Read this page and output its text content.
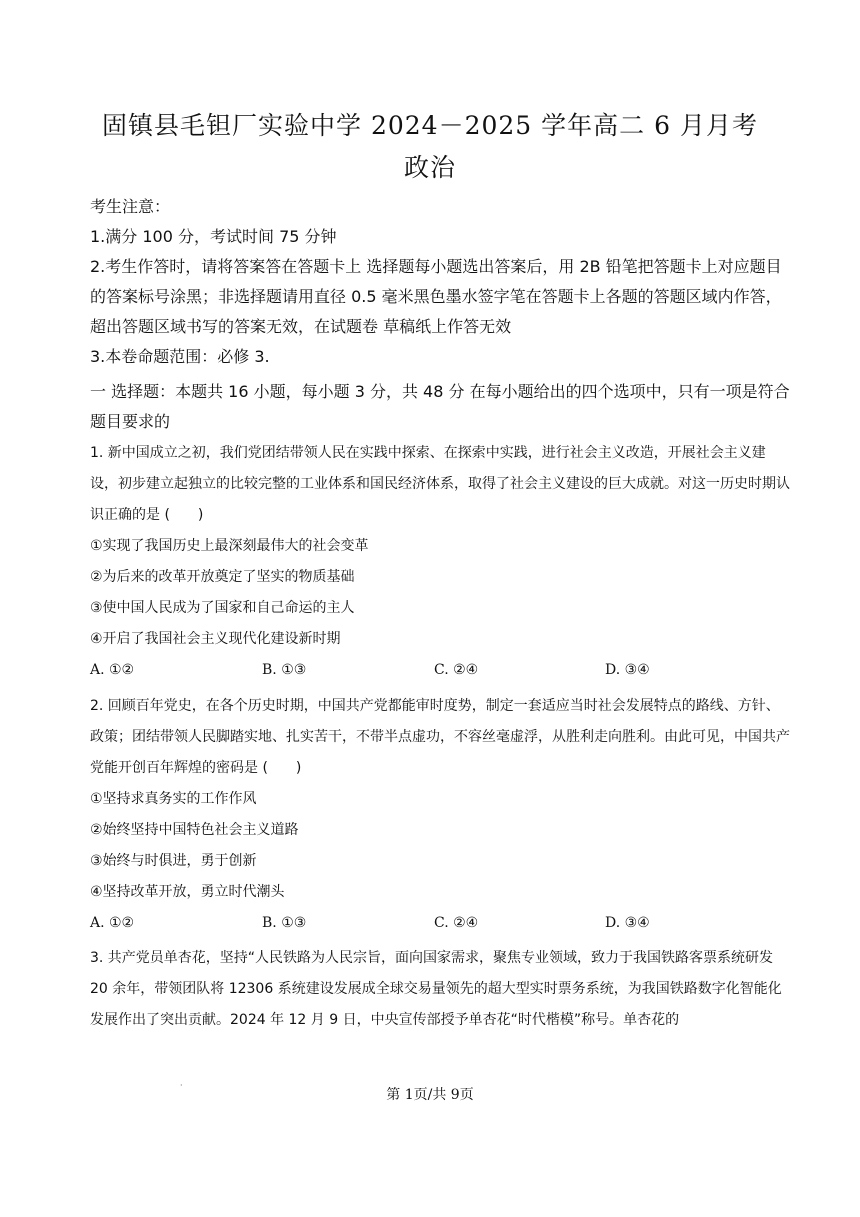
固镇县毛钽厂实验中学 2024－2025 学年高二 6 月月考
政治

考生注意：

1.满分 100 分，考试时间 75 分钟

2.考生作答时，请将答案答在答题卡上 选择题每小题选出答案后，用 2B 铅笔把答题卡上对应题目的答案标号涂黑；非选择题请用直径 0.5 毫米黑色墨水签字笔在答题卡上各题的答题区域内作答，超出答题区域书写的答案无效，在试题卷 草稿纸上作答无效

3.本卷命题范围：必修 3.

一 选择题：本题共 16 小题，每小题 3 分，共 48 分 在每小题给出的四个选项中，只有一项是符合题目要求的
1. 新中国成立之初，我们党团结带领人民在实践中探索、在探索中实践，进行社会主义改造，开展社会主义建设，初步建立起独立的比较完整的工业体系和国民经济体系，取得了社会主义建设的巨大成就。对这一历史时期认识正确的是 (　　)

①实现了我国历史上最深刻最伟大的社会变革

②为后来的改革开放奠定了坚实的物质基础

③使中国人民成为了国家和自己命运的主人

④开启了我国社会主义现代化建设新时期

A. ①②	B. ①③	C. ②④	D. ③④
2. 回顾百年党史，在各个历史时期，中国共产党都能审时度势，制定一套适应当时社会发展特点的路线、方针、政策；团结带领人民脚踏实地、扎实苦干，不带半点虚功，不容丝毫虚浮，从胜利走向胜利。由此可见，中国共产党能开创百年辉煌的密码是 (　　)

①坚持求真务实的工作作风

②始终坚持中国特色社会主义道路

③始终与时俱进，勇于创新

④坚持改革开放，勇立时代潮头

A. ①②	B. ①③	C. ②④	D. ③④
3. 共产党员单杏花，坚持“人民铁路为人民宗旨，面向国家需求，聚焦专业领域，致力于我国铁路客票系统研发 20 余年，带领团队将 12306 系统建设发展成全球交易量领先的超大型实时票务系统，为我国铁路数字化智能化发展作出了突出贡献。2024 年 12 月 9 日，中央宣传部授予单杏花“时代楷模”称号。单杏花的
·
第 1页/共 9页
